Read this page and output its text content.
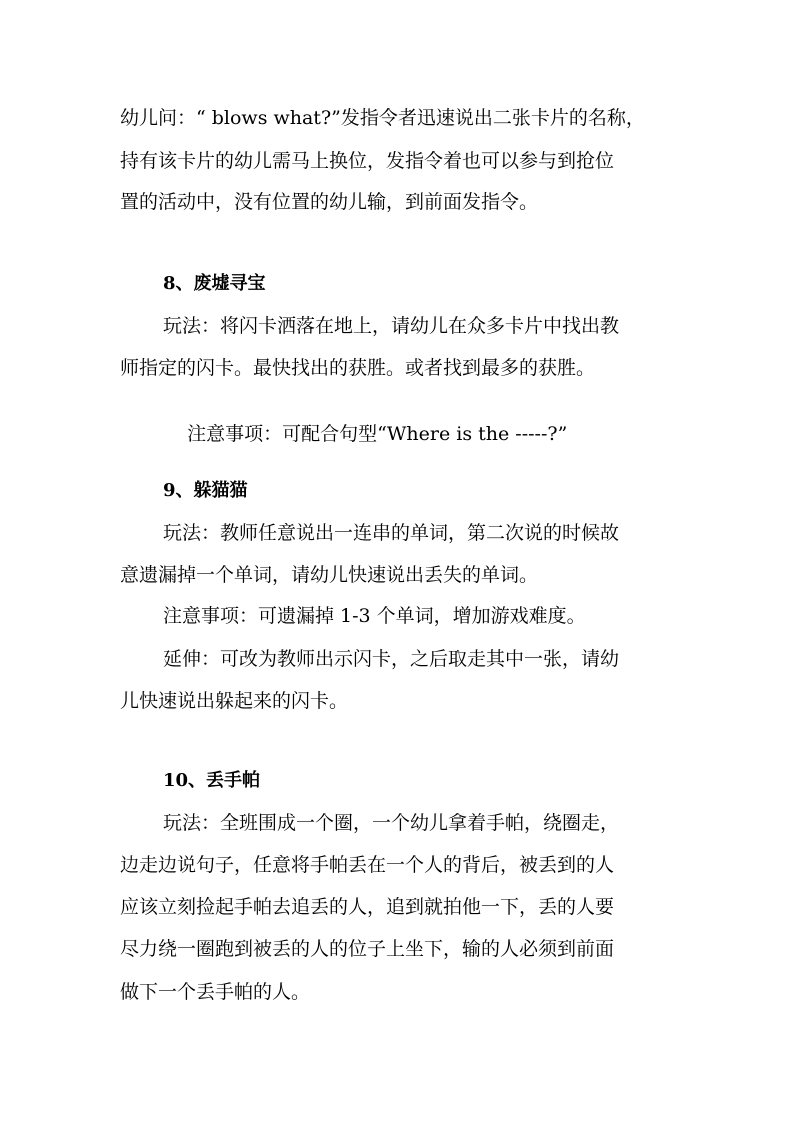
幼儿问：“ blows what?”发指令者迅速说出二张卡片的名称，
持有该卡片的幼儿需马上换位，发指令着也可以参与到抢位
置的活动中，没有位置的幼儿输，到前面发指令。
8、废墟寻宝
玩法：将闪卡洒落在地上，请幼儿在众多卡片中找出教
师指定的闪卡。最快找出的获胜。或者找到最多的获胜。

注意事项：可配合句型“Where is the -----?”

9、躲猫猫
玩法：教师任意说出一连串的单词，第二次说的时候故
意遗漏掉一个单词，请幼儿快速说出丢失的单词。
注意事项：可遗漏掉 1-3 个单词，增加游戏难度。
延伸：可改为教师出示闪卡，之后取走其中一张，请幼
儿快速说出躲起来的闪卡。
10、丢手帕
玩法：全班围成一个圈，一个幼儿拿着手帕，绕圈走，
边走边说句子，任意将手帕丢在一个人的背后，被丢到的人
应该立刻捡起手帕去追丢的人，追到就拍他一下，丢的人要
尽力绕一圈跑到被丢的人的位子上坐下，输的人必须到前面
做下一个丢手帕的人。
